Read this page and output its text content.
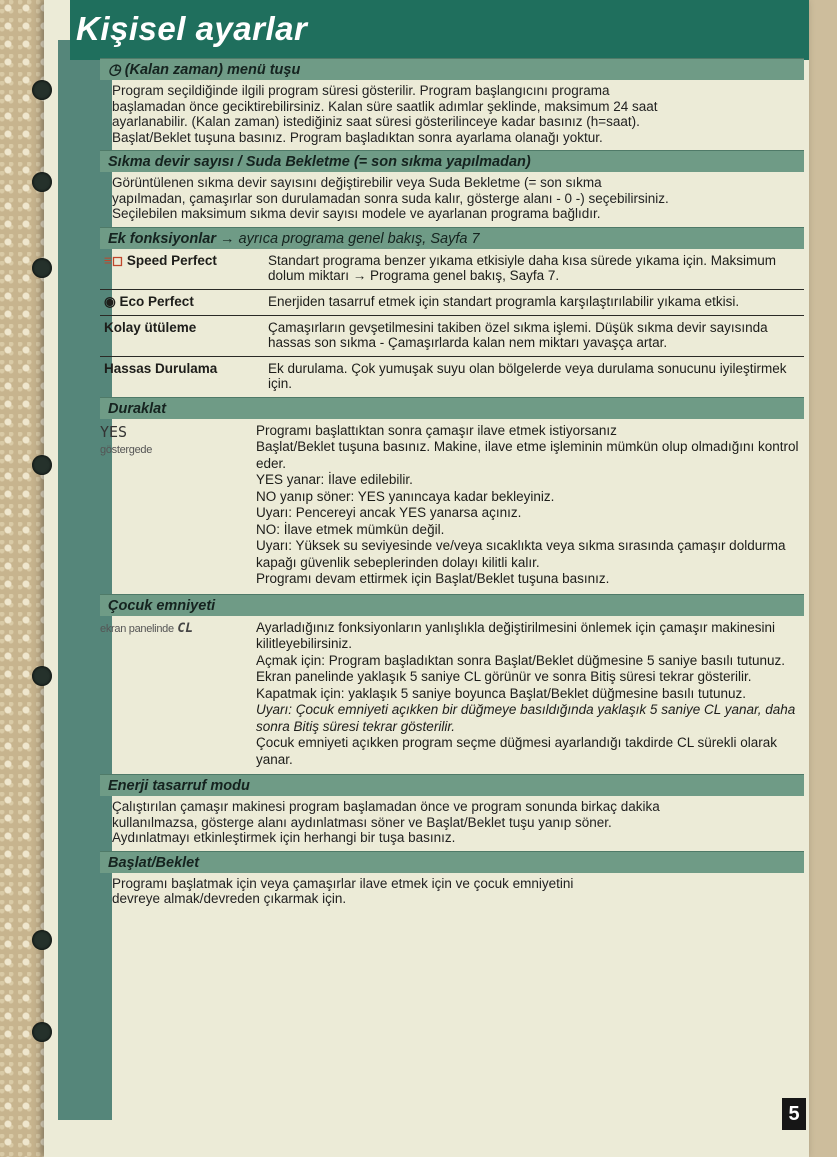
Kişisel ayarlar
◷ (Kalan zaman) menü tuşu
Program seçildiğinde ilgili program süresi gösterilir. Program başlangıcını programa
başlamadan önce geciktirebilirsiniz. Kalan süre saatlik adımlar şeklinde, maksimum 24 saat
ayarlanabilir. (Kalan zaman) istediğiniz saat süresi gösterilinceye kadar basınız (h=saat).
Başlat/Beklet tuşuna basınız. Program başladıktan sonra ayarlama olanağı yoktur.
Sıkma devir sayısı / Suda Bekletme (= son sıkma yapılmadan)
Görüntülenen sıkma devir sayısını değiştirebilir veya Suda Bekletme (= son sıkma
yapılmadan, çamaşırlar son durulamadan sonra suda kalır, gösterge alanı - 0 -) seçebilirsiniz.
Seçilebilen maksimum sıkma devir sayısı modele ve ayarlanan programa bağlıdır.
Ek fonksiyonlar → ayrıca programa genel bakış, Sayfa 7
≡◻ Speed Perfect	Standart programa benzer yıkama etkisiyle daha kısa sürede yıkama için. Maksimum dolum miktarı → Programa genel bakış, Sayfa 7.
◉ Eco Perfect	Enerjiden tasarruf etmek için standart programla karşılaştırılabilir yıkama etkisi.
Kolay ütüleme	Çamaşırların gevşetilmesini takiben özel sıkma işlemi. Düşük sıkma devir sayısında hassas son sıkma - Çamaşırlarda kalan nem miktarı yavaşça artar.
Hassas Durulama	Ek durulama. Çok yumuşak suyu olan bölgelerde veya durulama sonucunu iyileştirmek için.
Duraklat
YES
göstergede
Programı başlattıktan sonra çamaşır ilave etmek istiyorsanız
Başlat/Beklet tuşuna basınız. Makine, ilave etme işleminin mümkün olup olmadığını kontrol eder.
YES yanar: İlave edilebilir.
NO yanıp söner: YES yanıncaya kadar bekleyiniz.
Uyarı: Pencereyi ancak YES yanarsa açınız.
NO: İlave etmek mümkün değil.
Uyarı: Yüksek su seviyesinde ve/veya sıcaklıkta veya sıkma sırasında çamaşır doldurma kapağı güvenlik sebeplerinden dolayı kilitli kalır.
Programı devam ettirmek için Başlat/Beklet tuşuna basınız.
Çocuk emniyeti
ekran panelinde CL	Ayarladığınız fonksiyonların yanlışlıkla değiştirilmesini önlemek için çamaşır makinesini kilitleyebilirsiniz.
Açmak için: Program başladıktan sonra Başlat/Beklet düğmesine 5 saniye basılı tutunuz. Ekran panelinde yaklaşık 5 saniye CL görünür ve sonra Bitiş süresi tekrar gösterilir.
Kapatmak için: yaklaşık 5 saniye boyunca Başlat/Beklet düğmesine basılı tutunuz.
Uyarı: Çocuk emniyeti açıkken bir düğmeye basıldığında yaklaşık 5 saniye CL yanar, daha sonra Bitiş süresi tekrar gösterilir.
Çocuk emniyeti açıkken program seçme düğmesi ayarlandığı takdirde CL sürekli olarak yanar.
Enerji tasarruf modu
Çalıştırılan çamaşır makinesi program başlamadan önce ve program sonunda birkaç dakika
kullanılmazsa, gösterge alanı aydınlatması söner ve Başlat/Beklet tuşu yanıp söner.
Aydınlatmayı etkinleştirmek için herhangi bir tuşa basınız.
Başlat/Beklet
Programı başlatmak için veya çamaşırlar ilave etmek için ve çocuk emniyetini
devreye almak/devreden çıkarmak için.
5
